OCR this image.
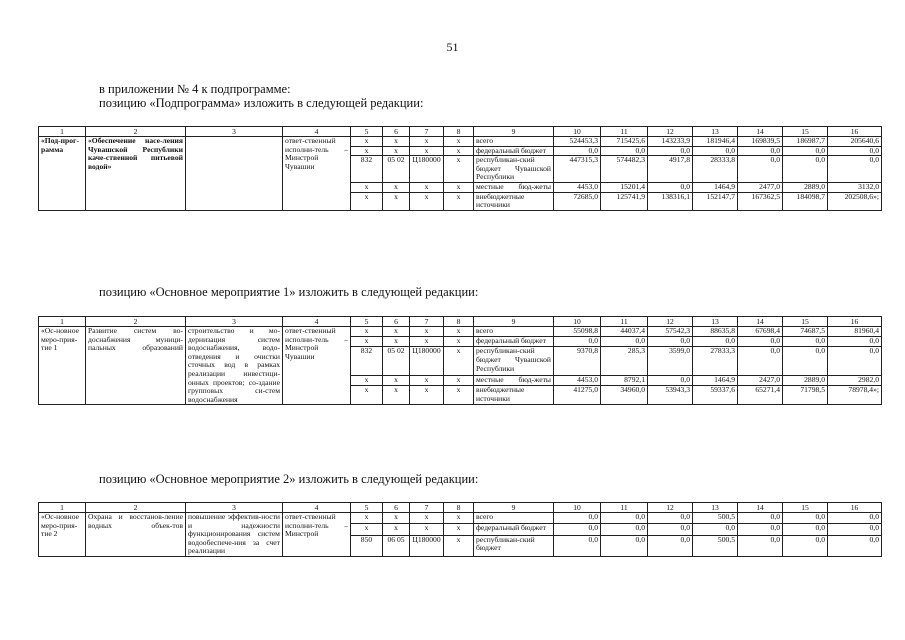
51
в приложении № 4 к подпрограмме:
позицию «Подпрограмма» изложить в следующей редакции:
1	2	3	4	5	6	7	8	9	10	11	12	13	14	15	16
«Под-прог-рамма	«Обеспечение насе-ления Чувашской Республики каче-ственной питьевой водой»		ответ-ственный исполни-тель – Минстрой Чувашии	х	х	х	х	всего	524453,3	715425,6	143233,9	181946,4	169839,5	186987,7	205640,6
				х	х	х	х	федеральный бюджет	0,0	0,0	0,0	0,0	0,0	0,0	0,0
				832	05 02	Ц180000	х	республикан-ский бюджет Чувашской Республики	447315,3	574482,3	4917,8	28333,8	0,0	0,0	0,0
				х	х	х	х	местные бюд-жеты	4453,0	15201,4	0,0	1464,9	2477,0	2889,0	3132,0
				х	х	х	х	внебюджетные источники	72685,0	125741,9	138316,1	152147,7	167362,5	184098,7	202508,6»;
позицию «Основное мероприятие 1» изложить в следующей редакции:
1	2	3	4	5	6	7	8	9	10	11	12	13	14	15	16
«Ос-новное меро-прия-тие 1	Развитие систем во-доснабжения муници-пальных образований	строительство и мо-дернизация систем водоснабжения, водо-отведения и очистки сточных вод в рамках реализации инвестици-онных проектов; со-здание групповых си-стем водоснабжения	ответ-ственный исполни-тель – Минстрой Чувашии	х	х	х	х	всего	55098,8	44037,4	57542,3	88635,8	67698,4	74687,5	81960,4
				х	х	х	х	федеральный бюджет	0,0	0,0	0,0	0,0	0,0	0,0	0,0
				832	05 02	Ц180000	х	республикан-ский бюджет Чувашской Республики	9370,8	285,3	3599,0	27833,3	0,0	0,0	0,0
				х	х	х	х	местные бюд-жеты	4453,0	8792,1	0,0	1464,9	2427,0	2889,0	2982,0
				х	х	х	х	внебюджетные источники	41275,0	34960,0	53943,3	59337,6	65271,4	71798,5	78978,4»;
позицию «Основное мероприятие 2» изложить в следующей редакции:
1	2	3	4	5	6	7	8	9	10	11	12	13	14	15	16
«Ос-новное меро-прия-тие 2	Охрана и восстанов-ление водных объек-тов	повышение эффектив-ности и надежности функционирования систем водообеспече-ния за счет реализации	ответ-ственный исполни-тель – Минстрой	х	х	х	х	всего	0,0	0,0	0,0	500,5	0,0	0,0	0,0
				х	х	х	х	федеральный бюджет	0,0	0,0	0,0	0,0	0,0	0,0	0,0
				850	06 05	Ц180000	х	республикан-ский бюджет	0,0	0,0	0,0	500,5	0,0	0,0	0,0
